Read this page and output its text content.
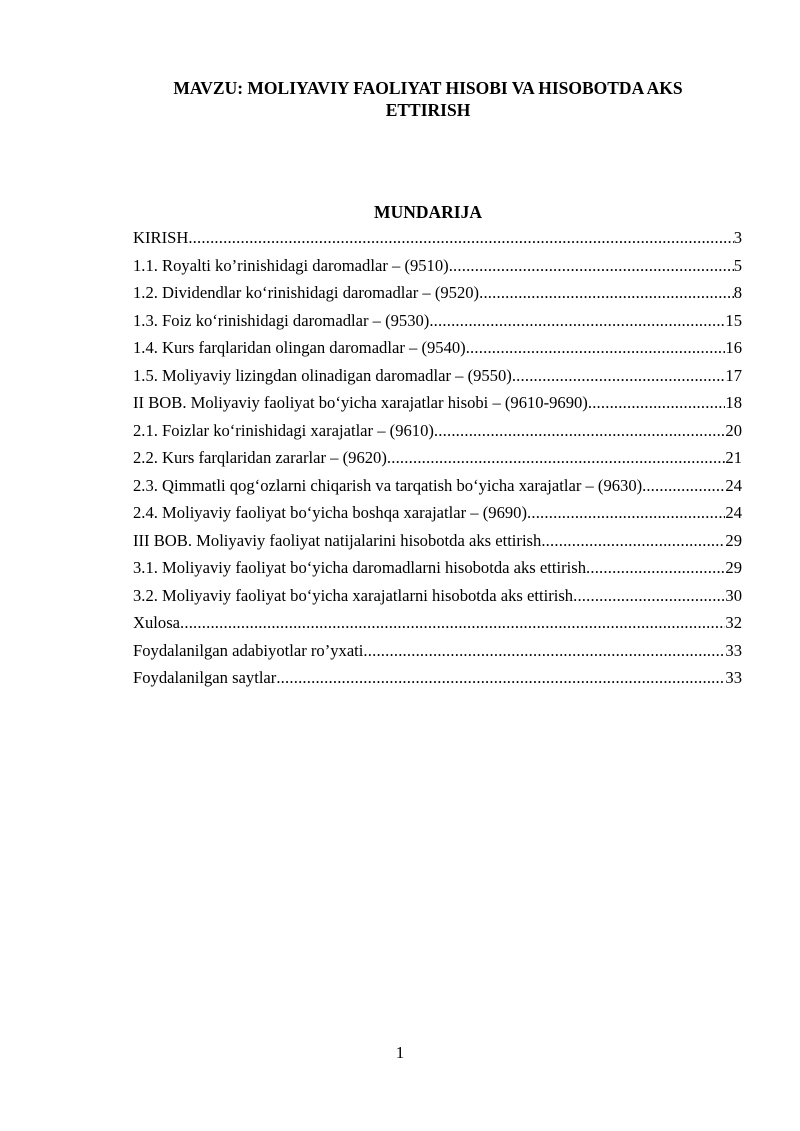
MAVZU: MOLIYAVIY FAOLIYAT HISOBI VA HISOBOTDA AKS
ETTIRISH
MUNDARIJA
KIRISH .....	3
1.1. Royalti ko’rinishidagi daromadlar – (9510) .....	5
1.2. Dividendlar ko‘rinishidagi daromadlar – (9520) .....	8
1.3. Foiz ko‘rinishidagi daromadlar – (9530) .....	15
1.4. Kurs farqlaridan olingan daromadlar – (9540) .....	16
1.5. Moliyaviy lizingdan olinadigan daromadlar – (9550) .....	17
II BOB. Moliyaviy faoliyat bo‘yicha xarajatlar hisobi – (9610-9690) .....	18
2.1. Foizlar ko‘rinishidagi xarajatlar – (9610) .....	20
2.2. Kurs farqlaridan zararlar – (9620) .....	21
2.3. Qimmatli qog‘ozlarni chiqarish va tarqatish bo‘yicha xarajatlar – (9630). .....	24
2.4. Moliyaviy faoliyat bo‘yicha boshqa xarajatlar – (9690) .....	24
III BOB. Moliyaviy faoliyat natijalarini hisobotda aks ettirish .....	29
3.1. Moliyaviy faoliyat bo‘yicha daromadlarni hisobotda aks ettirish .....	29
3.2. Moliyaviy faoliyat bo‘yicha xarajatlarni hisobotda aks ettirish .....	30
Xulosa .....	32
Foydalanilgan adabiyotlar ro’yxati .....	33
Foydalanilgan saytlar .....	33
1
